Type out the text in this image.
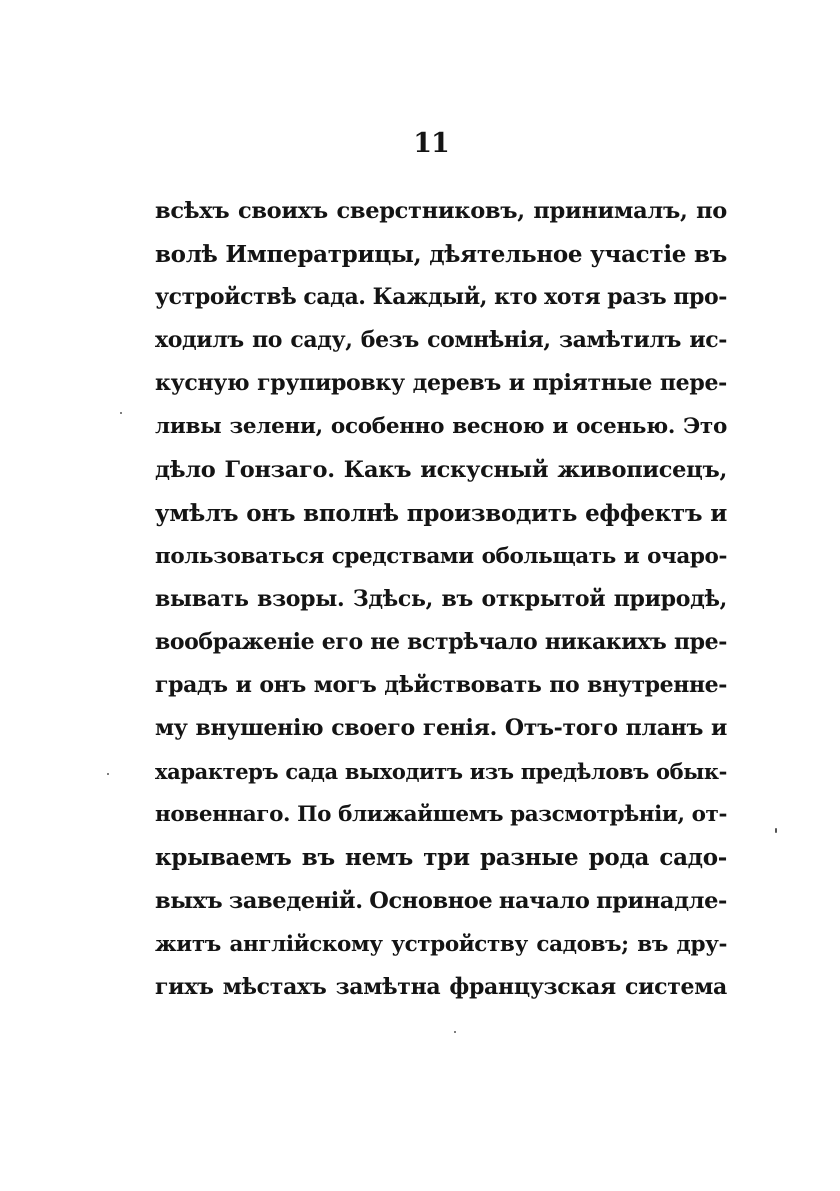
11
всѣхъ своихъ сверстниковъ, принималъ, по
волѣ Императрицы, дѣятельное участіе въ
устройствѣ сада. Каждый, кто хотя разъ про-
ходилъ по саду, безъ сомнѣнія, замѣтилъ ис-
кусную групировку деревъ и пріятные пере-
ливы зелени, особенно весною и осенью. Это
дѣло Гонзаго. Какъ искусный живописецъ,
умѣлъ онъ вполнѣ производить еффектъ и
пользоваться средствами обольщать и очаро-
вывать взоры. Здѣсь, въ открытой природѣ,
воображеніе его не встрѣчало никакихъ пре-
градъ и онъ могъ дѣйствовать по внутренне-
му внушенію своего генія. Отъ-того планъ и
характеръ сада выходитъ изъ предѣловъ обык-
новеннаго. По ближайшемъ разсмотрѣніи, от-
крываемъ въ немъ три разные рода садо-
выхъ заведеній. Основное начало принадле-
житъ англійскому устройству садовъ; въ дру-
гихъ мѣстахъ замѣтна французская система
